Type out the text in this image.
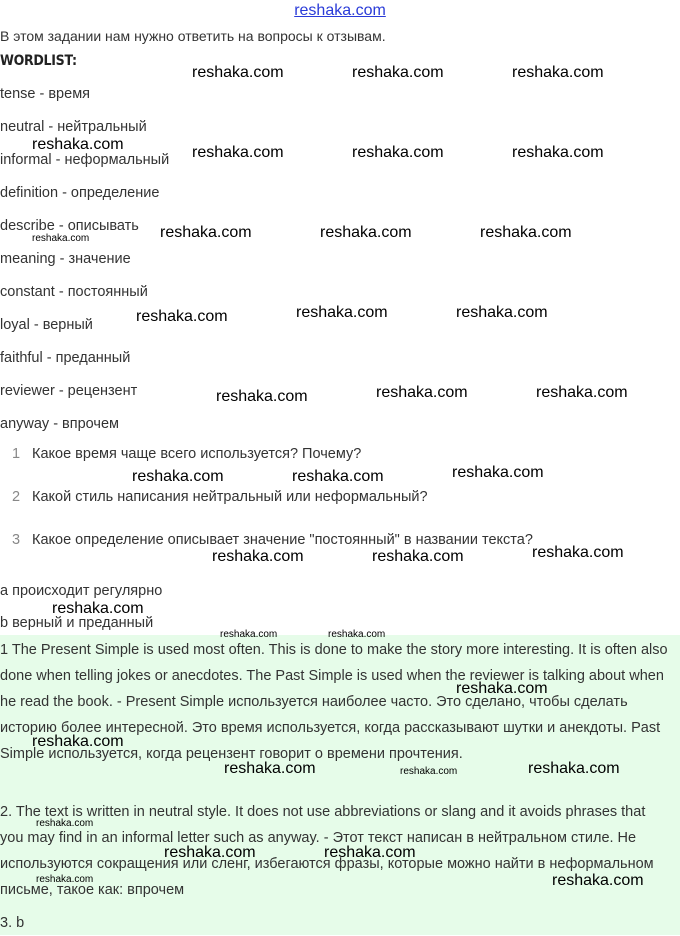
reshaka.com
В этом задании нам нужно ответить на вопросы к отзывам.
WORDLIST:
tense - время
neutral - нейтральный
informal - неформальный
definition - определение
describe - описывать
meaning - значение
constant - постоянный
loyal - верный
faithful - преданный
reviewer - рецензент
anyway - впрочем
1 Какое время чаще всего используется? Почему?
2 Какой стиль написания нейтральный или неформальный?
3 Какое определение описывает значение "постоянный" в названии текста?
a происходит регулярно
b верный и преданный
1 The Present Simple is used most often. This is done to make the story more interesting. It is often also done when telling jokes or anecdotes. The Past Simple is used when the reviewer is talking about when he read the book. - Present Simple используется наиболее часто. Это сделано, чтобы сделать историю более интересной. Это время используется, когда рассказывают шутки и анекдоты. Past Simple используется, когда рецензент говорит о времени прочтения.
2. The text is written in neutral style. It does not use abbreviations or slang and it avoids phrases that you may find in an informal letter such as anyway. - Этот текст написан в нейтральном стиле. Не используются сокращения или сленг, избегаются фразы, которые можно найти в неформальном письме, такое как: впрочем
3. b
reshaka.com	reshaka.com	reshaka.com
reshaka.com	reshaka.com	reshaka.com	reshaka.com
reshaka.com	reshaka.com	reshaka.com
reshaka.com
reshaka.com	reshaka.com	reshaka.com
reshaka.com	reshaka.com	reshaka.com
reshaka.com	reshaka.com	reshaka.com
reshaka.com	reshaka.com	reshaka.com
reshaka.com
reshaka.com	reshaka.com
reshaka.com
reshaka.com
reshaka.com	reshaka.com	reshaka.com
reshaka.com
reshaka.com	reshaka.com
reshaka.com	reshaka.com
